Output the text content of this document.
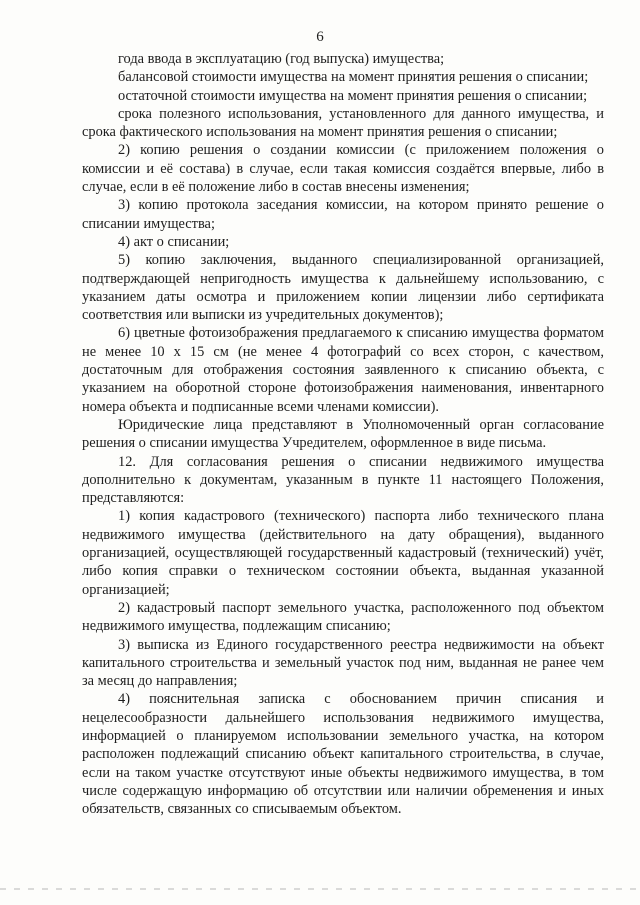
6

года ввода в эксплуатацию (год выпуска) имущества;

балансовой стоимости имущества на момент принятия решения о списании;

остаточной стоимости имущества на момент принятия решения о списании;

срока полезного использования, установленного для данного имущества, и срока фактического использования на момент принятия решения о списании;

2) копию решения о создании комиссии (с приложением положения о комиссии и её состава) в случае, если такая комиссия создаётся впервые, либо в случае, если в её положение либо в состав внесены изменения;

3) копию протокола заседания комиссии, на котором принято решение о списании имущества;

4) акт о списании;

5) копию заключения, выданного специализированной организацией, подтверждающей непригодность имущества к дальнейшему использованию, с указанием даты осмотра и приложением копии лицензии либо сертификата соответствия или выписки из учредительных документов);

6) цветные фотоизображения предлагаемого к списанию имущества форматом не менее 10 х 15 см (не менее 4 фотографий со всех сторон, с качеством, достаточным для отображения состояния заявленного к списанию объекта, с указанием на оборотной стороне фотоизображения наименования, инвентарного номера объекта и подписанные всеми членами комиссии).

Юридические лица представляют в Уполномоченный орган согласование решения о списании имущества Учредителем, оформленное в виде письма.

12. Для согласования решения о списании недвижимого имущества дополнительно к документам, указанным в пункте 11 настоящего Положения, представляются:

1) копия кадастрового (технического) паспорта либо технического плана недвижимого имущества (действительного на дату обращения), выданного организацией, осуществляющей государственный кадастровый (технический) учёт, либо копия справки о техническом состоянии объекта, выданная указанной организацией;

2) кадастровый паспорт земельного участка, расположенного под объектом недвижимого имущества, подлежащим списанию;

3) выписка из Единого государственного реестра недвижимости на объект капитального строительства и земельный участок под ним, выданная не ранее чем за месяц до направления;

4) пояснительная записка с обоснованием причин списания и нецелесообразности дальнейшего использования недвижимого имущества, информацией о планируемом использовании земельного участка, на котором расположен подлежащий списанию объект капитального строительства, в случае, если на таком участке отсутствуют иные объекты недвижимого имущества, в том числе содержащую информацию об отсутствии или наличии обременения и иных обязательств, связанных со списываемым объектом.
